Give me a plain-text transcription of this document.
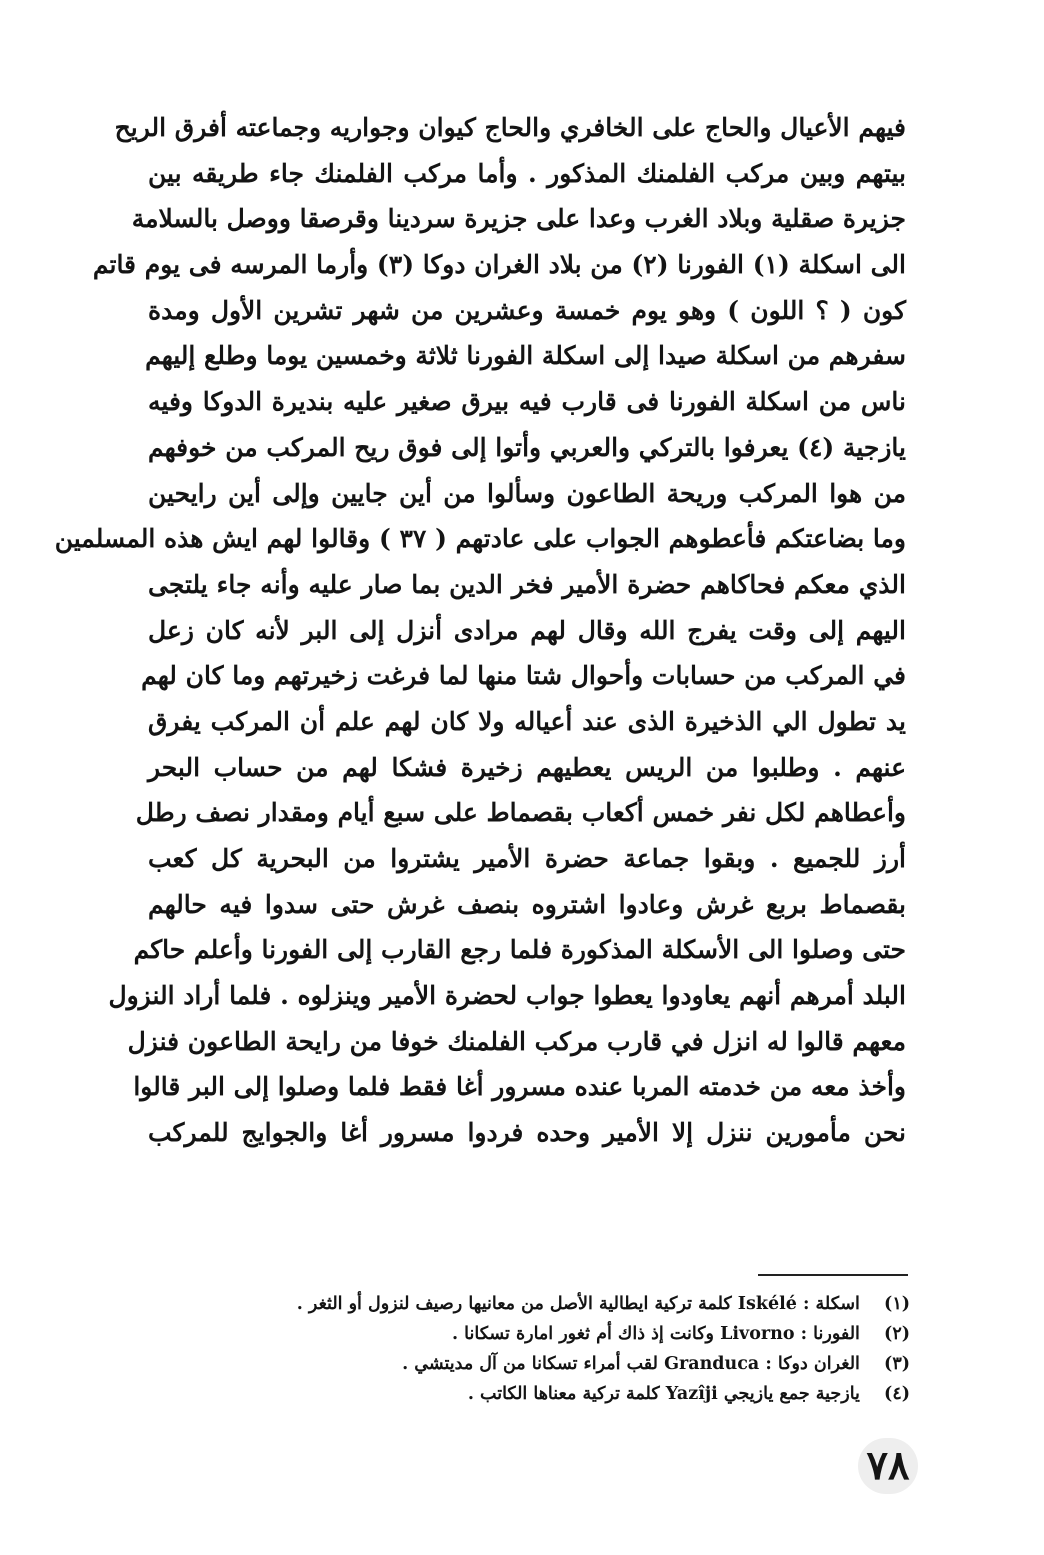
فيهم الأعيال والحاج على الخافري والحاج كيوان وجواريه وجماعته أفرق الريح
بيتهم وبين مركب الفلمنك المذكور . وأما مركب الفلمنك جاء طريقه بين
جزيرة صقلية وبلاد الغرب وعدا على جزيرة سردينا وقرصقا ووصل بالسلامة
الى اسكلة (١) الفورنا (٢) من بلاد الغران دوكا (٣) وأرما المرسه فى يوم قاتم
كون ( ؟ اللون ) وهو يوم خمسة وعشرين من شهر تشرين الأول ومدة
سفرهم من اسكلة صيدا إلى اسكلة الفورنا ثلاثة وخمسين يوما وطلع إليهم
ناس من اسكلة الفورنا فى قارب فيه بيرق صغير عليه بنديرة الدوكا وفيه
يازجية (٤) يعرفوا بالتركي والعربي وأتوا إلى فوق ريح المركب من خوفهم
من هوا المركب وريحة الطاعون وسألوا من أين جايين وإلى أين رايحين
وما بضاعتكم فأعطوهم الجواب على عادتهم ( ٣٧ ) وقالوا لهم ايش هذه المسلمين
الذي معكم فحاكاهم حضرة الأمير فخر الدين بما صار عليه وأنه جاء يلتجى
اليهم إلى وقت يفرج الله وقال لهم مرادى أنزل إلى البر لأنه كان زعل
في المركب من حسابات وأحوال شتا منها لما فرغت زخيرتهم وما كان لهم
يد تطول الي الذخيرة الذى عند أعياله ولا كان لهم علم أن المركب يفرق
عنهم . وطلبوا من الريس يعطيهم زخيرة فشكا لهم من حساب البحر
وأعطاهم لكل نفر خمس أكعاب بقصماط على سبع أيام ومقدار نصف رطل
أرز للجميع . وبقوا جماعة حضرة الأمير يشتروا من البحرية كل كعب
بقصماط بربع غرش وعادوا اشتروه بنصف غرش حتى سدوا فيه حالهم
حتى وصلوا الى الأسكلة المذكورة فلما رجع القارب إلى الفورنا وأعلم حاكم
البلد أمرهم أنهم يعاودوا يعطوا جواب لحضرة الأمير وينزلوه . فلما أراد النزول
معهم قالوا له انزل في قارب مركب الفلمنك خوفا من رايحة الطاعون فنزل
وأخذ معه من خدمته المربا عنده مسرور أغا فقط فلما وصلوا إلى البر قالوا
نحن مأمورين ننزل إلا الأمير وحده فردوا مسرور أغا والجوايج للمركب
(١) اسكلة : Iskélé كلمة تركية ايطالية الأصل من معانيها رصيف لنزول أو الثغر .
(٢) الفورنا : Livorno وكانت إذ ذاك أم ثغور امارة تسكانا .
(٣) الغران دوكا : Granduca لقب أمراء تسكانا من آل مديتشي .
(٤) يازجية جمع يازيجي Yazîji كلمة تركية معناها الكاتب .
٧٨
